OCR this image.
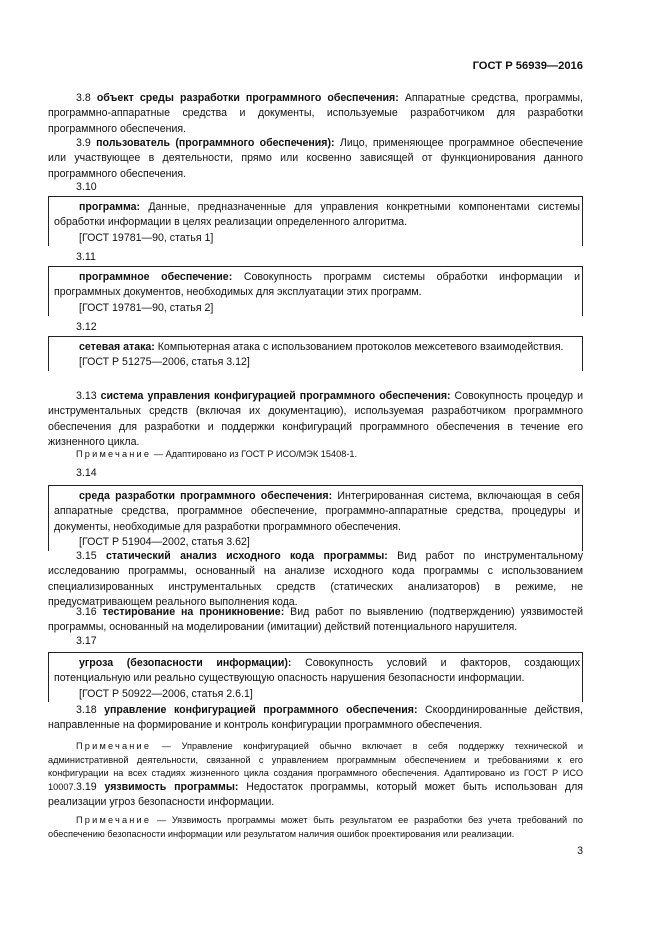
ГОСТ Р 56939—2016
3.8 объект среды разработки программного обеспечения: Аппаратные средства, программы, программно-аппаратные средства и документы, используемые разработчиком для разработки программного обеспечения.
3.9 пользователь (программного обеспечения): Лицо, применяющее программное обеспечение или участвующее в деятельности, прямо или косвенно зависящей от функционирования данного программного обеспечения.
3.10
программа: Данные, предназначенные для управления конкретными компонентами системы обработки информации в целях реализации определенного алгоритма.
[ГОСТ 19781—90, статья 1]
3.11
программное обеспечение: Совокупность программ системы обработки информации и программных документов, необходимых для эксплуатации этих программ.
[ГОСТ 19781—90, статья 2]
3.12
сетевая атака: Компьютерная атака с использованием протоколов межсетевого взаимодействия.
[ГОСТ Р 51275—2006, статья 3.12]
3.13 система управления конфигурацией программного обеспечения: Совокупность процедур и инструментальных средств (включая их документацию), используемая разработчиком программного обеспечения для разработки и поддержки конфигураций программного обеспечения в течение его жизненного цикла.
Примечание — Адаптировано из ГОСТ Р ИСО/МЭК 15408-1.
3.14
среда разработки программного обеспечения: Интегрированная система, включающая в себя аппаратные средства, программное обеспечение, программно-аппаратные средства, процедуры и документы, необходимые для разработки программного обеспечения.
[ГОСТ Р 51904—2002, статья 3.62]
3.15 статический анализ исходного кода программы: Вид работ по инструментальному исследованию программы, основанный на анализе исходного кода программы с использованием специализированных инструментальных средств (статических анализаторов) в режиме, не предусматривающем реального выполнения кода.
3.16 тестирование на проникновение: Вид работ по выявлению (подтверждению) уязвимостей программы, основанный на моделировании (имитации) действий потенциального нарушителя.
3.17
угроза (безопасности информации): Совокупность условий и факторов, создающих потенциальную или реально существующую опасность нарушения безопасности информации.
[ГОСТ Р 50922—2006, статья 2.6.1]
3.18 управление конфигурацией программного обеспечения: Скоординированные действия, направленные на формирование и контроль конфигурации программного обеспечения.
Примечание — Управление конфигурацией обычно включает в себя поддержку технической и административной деятельности, связанной с управлением программным обеспечением и требованиями к его конфигурации на всех стадиях жизненного цикла создания программного обеспечения. Адаптировано из ГОСТ Р ИСО 10007. 3.19 уязвимость программы: Недостаток программы, который может быть использован для реализации угроз безопасности информации.
Примечание — Уязвимость программы может быть результатом ее разработки без учета требований по обеспечению безопасности информации или результатом наличия ошибок проектирования или реализации.
3
